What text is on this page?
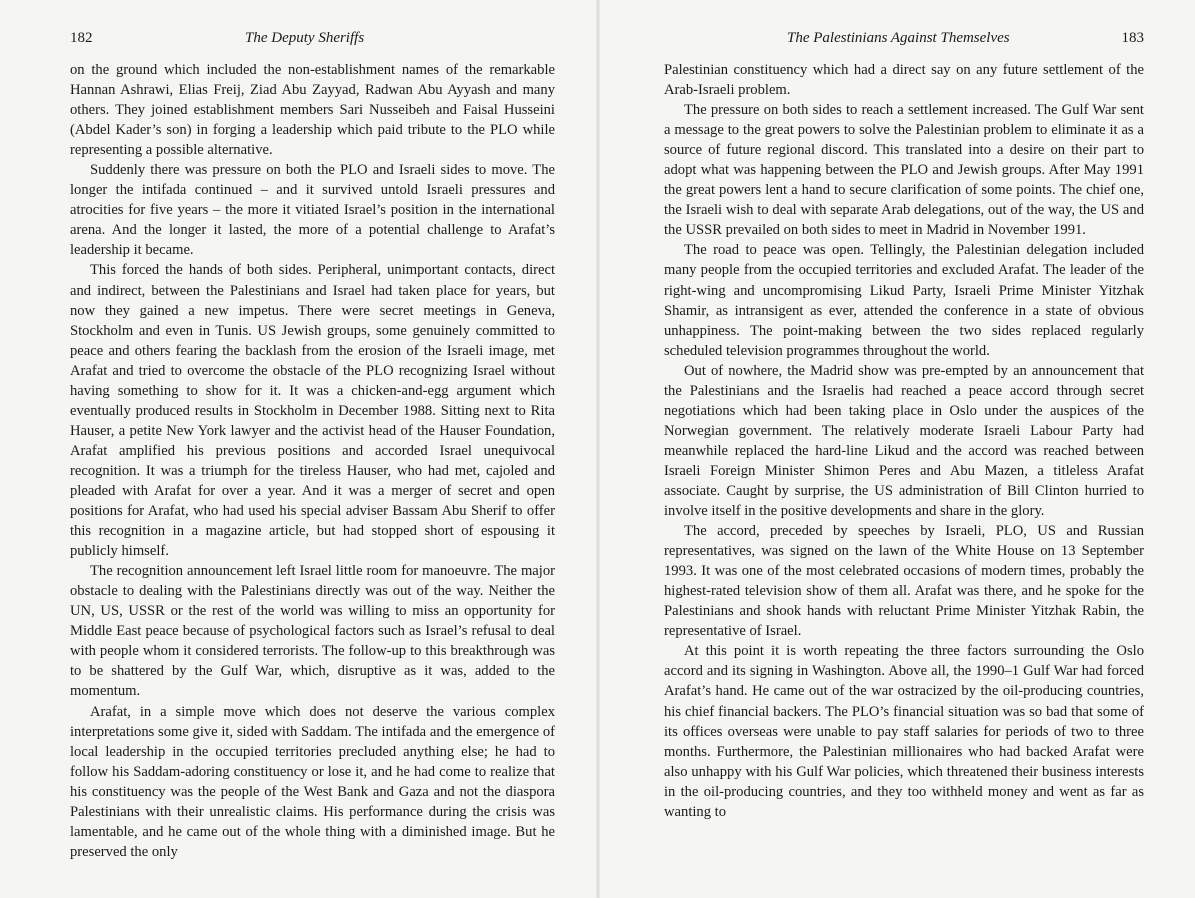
182	The Deputy Sheriffs

on the ground which included the non-establishment names of the remarkable Hannan Ashrawi, Elias Freij, Ziad Abu Zayyad, Radwan Abu Ayyash and many others. They joined establishment members Sari Nusseibeh and Faisal Husseini (Abdel Kader’s son) in forging a leadership which paid tribute to the PLO while representing a possible alternative.

Suddenly there was pressure on both the PLO and Israeli sides to move. The longer the intifada continued – and it survived untold Israeli pressures and atrocities for five years – the more it vitiated Israel’s position in the international arena. And the longer it lasted, the more of a potential challenge to Arafat’s leadership it became.

This forced the hands of both sides. Peripheral, unimportant contacts, direct and indirect, between the Palestinians and Israel had taken place for years, but now they gained a new impetus. There were secret meetings in Geneva, Stockholm and even in Tunis. US Jewish groups, some genuinely committed to peace and others fearing the backlash from the erosion of the Israeli image, met Arafat and tried to overcome the obstacle of the PLO recognizing Israel without having something to show for it. It was a chicken-and-egg argument which eventually produced results in Stockholm in December 1988. Sitting next to Rita Hauser, a petite New York lawyer and the activist head of the Hauser Foundation, Arafat amplified his previous positions and accorded Israel unequivocal recognition. It was a triumph for the tireless Hauser, who had met, cajoled and pleaded with Arafat for over a year. And it was a merger of secret and open positions for Arafat, who had used his special adviser Bassam Abu Sherif to offer this recognition in a magazine article, but had stopped short of espousing it publicly himself.

The recognition announcement left Israel little room for manoeuvre. The major obstacle to dealing with the Palestinians directly was out of the way. Neither the UN, US, USSR or the rest of the world was willing to miss an opportunity for Middle East peace because of psychological factors such as Israel’s refusal to deal with people whom it considered terrorists. The follow-up to this breakthrough was to be shattered by the Gulf War, which, disruptive as it was, added to the momentum.

Arafat, in a simple move which does not deserve the various complex interpretations some give it, sided with Saddam. The intifada and the emergence of local leadership in the occupied territories precluded anything else; he had to follow his Saddam-adoring constituency or lose it, and he had come to realize that his constituency was the people of the West Bank and Gaza and not the diaspora Palestinians with their unrealistic claims. His performance during the crisis was lamentable, and he came out of the whole thing with a diminished image. But he preserved the only

The Palestinians Against Themselves	183

Palestinian constituency which had a direct say on any future settlement of the Arab-Israeli problem.

The pressure on both sides to reach a settlement increased. The Gulf War sent a message to the great powers to solve the Palestinian problem to eliminate it as a source of future regional discord. This translated into a desire on their part to adopt what was happening between the PLO and Jewish groups. After May 1991 the great powers lent a hand to secure clarification of some points. The chief one, the Israeli wish to deal with separate Arab delegations, out of the way, the US and the USSR prevailed on both sides to meet in Madrid in November 1991.

The road to peace was open. Tellingly, the Palestinian delegation included many people from the occupied territories and excluded Arafat. The leader of the right-wing and uncompromising Likud Party, Israeli Prime Minister Yitzhak Shamir, as intransigent as ever, attended the conference in a state of obvious unhappiness. The point-making between the two sides replaced regularly scheduled television programmes throughout the world.

Out of nowhere, the Madrid show was pre-empted by an announcement that the Palestinians and the Israelis had reached a peace accord through secret negotiations which had been taking place in Oslo under the auspices of the Norwegian government. The relatively moderate Israeli Labour Party had meanwhile replaced the hard-line Likud and the accord was reached between Israeli Foreign Minister Shimon Peres and Abu Mazen, a titleless Arafat associate. Caught by surprise, the US administration of Bill Clinton hurried to involve itself in the positive developments and share in the glory.

The accord, preceded by speeches by Israeli, PLO, US and Russian representatives, was signed on the lawn of the White House on 13 September 1993. It was one of the most celebrated occasions of modern times, probably the highest-rated television show of them all. Arafat was there, and he spoke for the Palestinians and shook hands with reluctant Prime Minister Yitzhak Rabin, the representative of Israel.

At this point it is worth repeating the three factors surrounding the Oslo accord and its signing in Washington. Above all, the 1990–1 Gulf War had forced Arafat’s hand. He came out of the war ostracized by the oil-producing countries, his chief financial backers. The PLO’s financial situation was so bad that some of its offices overseas were unable to pay staff salaries for periods of two to three months. Furthermore, the Palestinian millionaires who had backed Arafat were also unhappy with his Gulf War policies, which threatened their business interests in the oil-producing countries, and they too withheld money and went as far as wanting to
